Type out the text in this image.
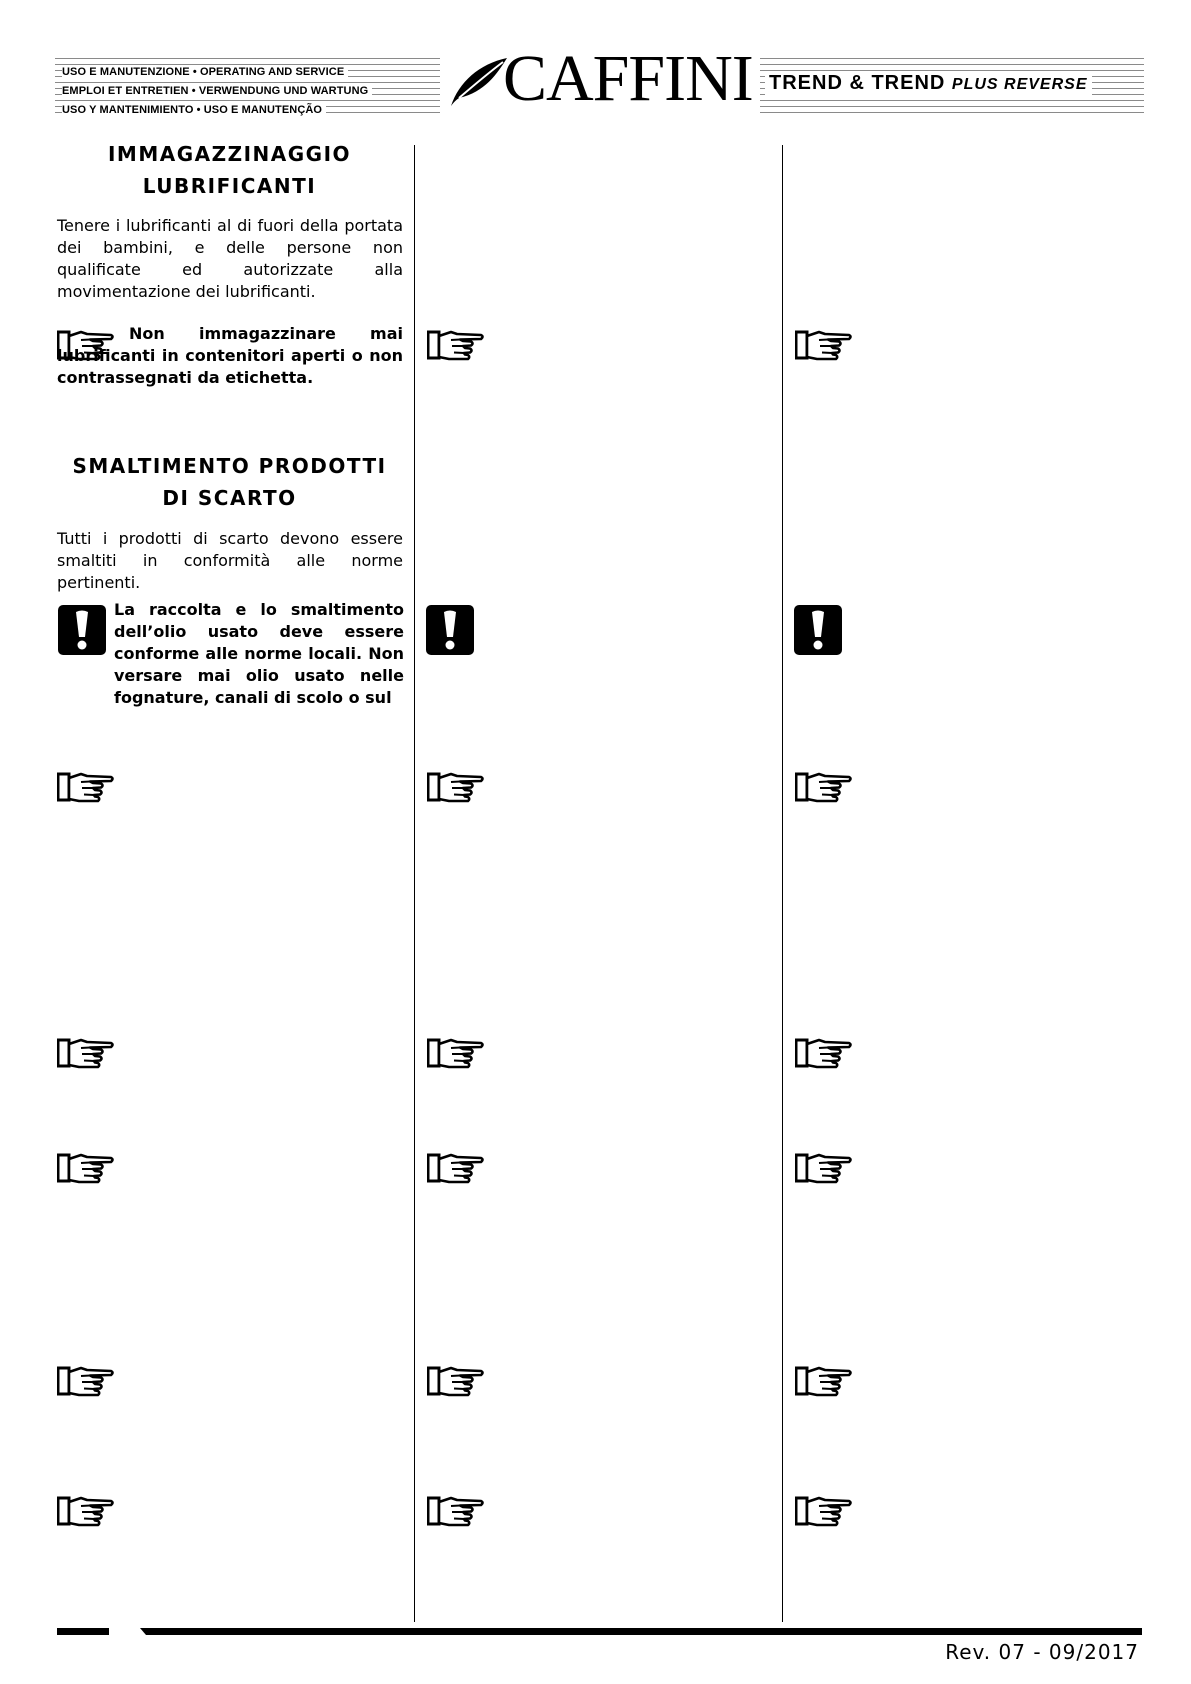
USO E MANUTENZIONE • OPERATING AND SERVICE
EMPLOI ET ENTRETIEN • VERWENDUNG UND WARTUNG
USO Y MANTENIMIENTO • USO E MANUTENÇÃO	CAFFINI TREND & TREND PLUS REVERSE
IMMAGAZZINAGGIO LUBRIFICANTI
Tenere i lubrificanti al di fuori della portata dei bambini, e delle persone non qualificate ed autorizzate alla movimentazione dei lubrificanti.
Non immagazzinare mai lubrificanti in contenitori aperti o non contrassegnati da etichetta.
SMALTIMENTO PRODOTTI DI SCARTO
Tutti i prodotti di scarto devono essere smaltiti in conformità alle norme pertinenti.
La raccolta e lo smaltimento dell’olio usato deve essere conforme alle norme locali. Non versare mai olio usato nelle fognature, canali di scolo o sul
Rev. 07 - 09/2017
